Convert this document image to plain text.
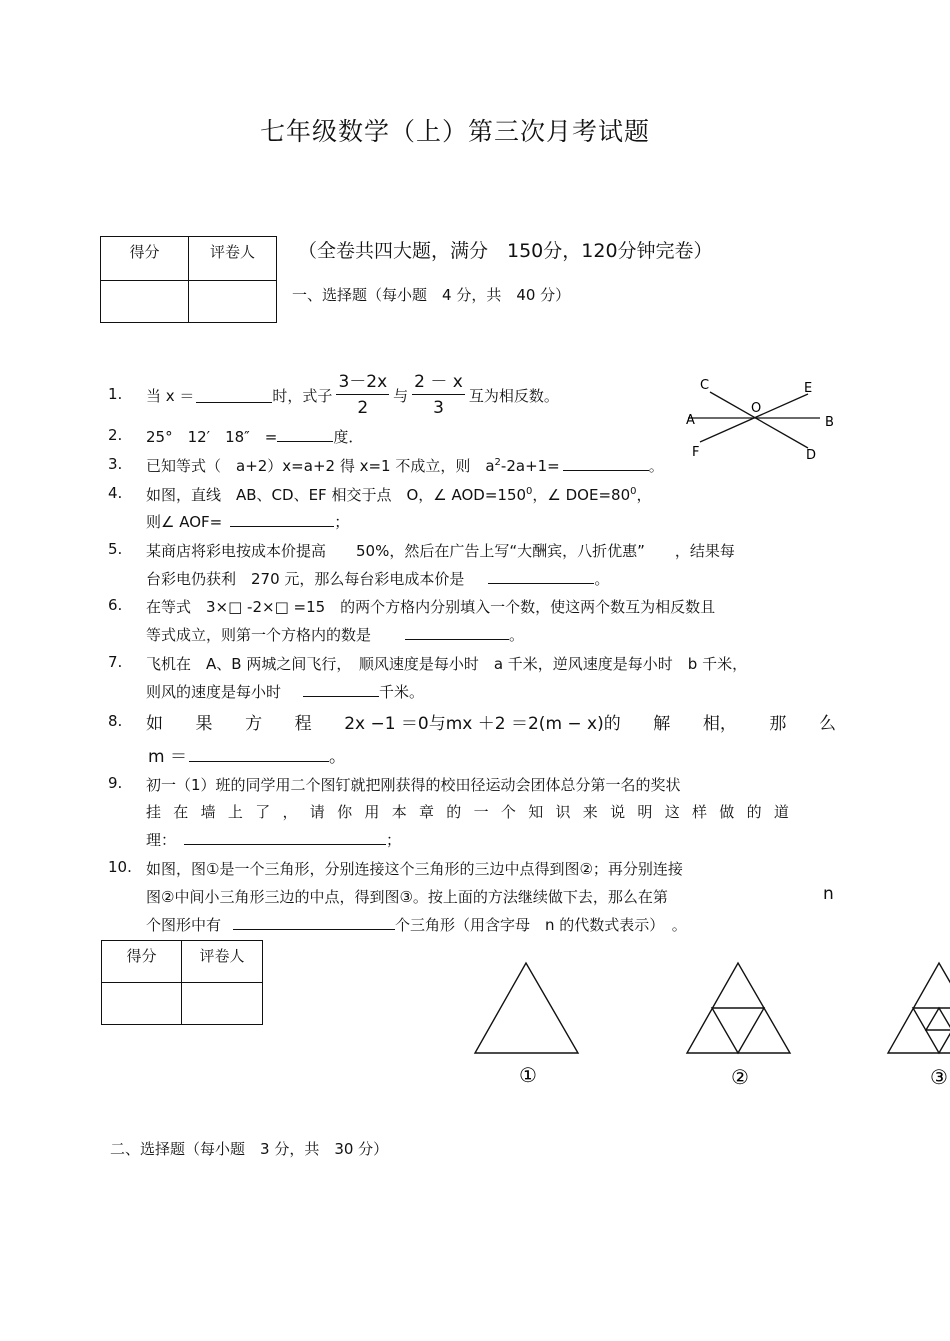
七年级数学（上）第三次月考试题
得分	评卷人
	（全卷共四大题，满分　150分，120分钟完卷）
一、选择题（每小题　4 分，共　40 分）
1. 当 x ＝	时，式子 $\frac{3-2x}{2}$ 与 $\frac{2 - x}{3}$ 互为相反数。
C	E
A
O
B
F	D
2. 25°　12′　18″　=	度．
3. 已知等式（　a+2）x=a+2 得 x=1 不成立，则　$a^2-2a+1=$	。
4. 如图，直线　AB、CD、EF 相交于点　O，∠ $AOD=150^0$，∠ $DOE=80^0$，
则∠ AOF=	；
5. 某商店将彩电按成本价提高　　50%，然后在广告上写“大酬宾，八折优惠”　　，结果每
台彩电仍获利　270 元，那么每台彩电成本价是	。
6. 在等式　3×□ -2×□ =15　的两个方格内分别填入一个数，使这两个数互为相反数且
等式成立，则第一个方格内的数是	。
7. 飞机在　A、B 两城之间飞行，　顺风速度是每小时　a 千米，逆风速度是每小时　b 千米，
则风的速度是每小时	千米。
8. 如 果 方 程 2x −1 ＝0与mx ＋2 ＝2(m − x)的 解 相， 那 么
m ＝	。
9. 初一（1）班的同学用二个图钉就把刚获得的校田径运动会团体总分第一名的奖状
挂在墙上了，请你用本章的一个知识来说明这样做的道
理：	；
10. 如图，图①是一个三角形，分别连接这个三角形的三边中点得到图②；再分别连接
图②中间小三角形三边的中点，得到图③。按上面的方法继续做下去，那么在第	n
个图形中有	个三角形（用含字母　n 的代数式表示）　。
得分	评卷人

①	②	③
二、选择题（每小题　3 分，共　30 分）
